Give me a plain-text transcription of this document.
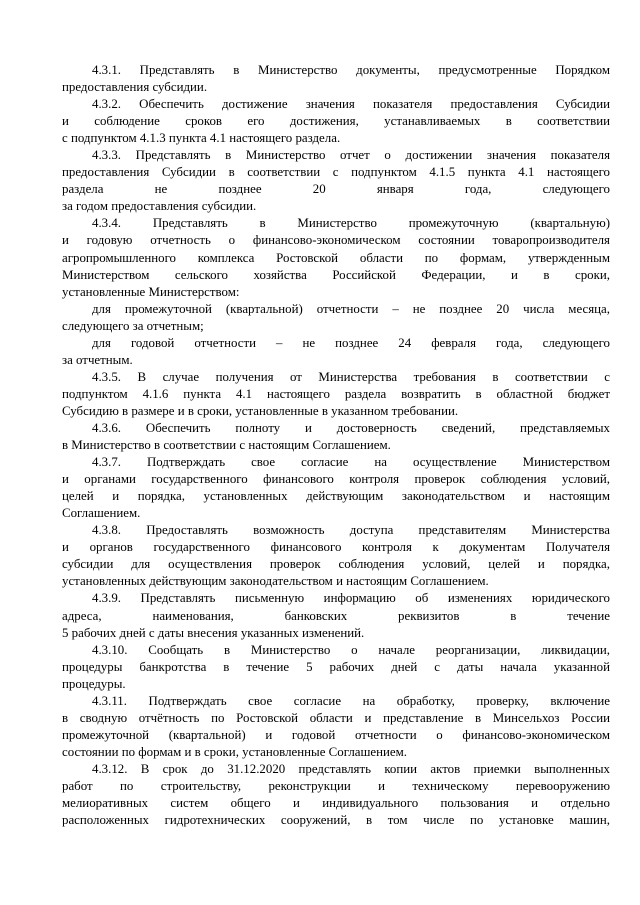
4.3.1. Представлять в Министерство документы, предусмотренные Порядком
предоставления субсидии.
4.3.2. Обеспечить достижение значения показателя предоставления Субсидии
и соблюдение сроков его достижения, устанавливаемых в соответствии
с подпунктом 4.1.3 пункта 4.1 настоящего раздела.
4.3.3. Представлять в Министерство отчет о достижении значения показателя
предоставления Субсидии в соответствии с подпунктом 4.1.5 пункта 4.1 настоящего
раздела не позднее 20 января года, следующего
за годом предоставления субсидии.
4.3.4. Представлять в Министерство промежуточную (квартальную)
и годовую отчетность о финансово-экономическом состоянии товаропроизводителя
агропромышленного комплекса Ростовской области по формам, утвержденным
Министерством сельского хозяйства Российской Федерации, и в сроки,
установленные Министерством:
для промежуточной (квартальной) отчетности – не позднее 20 числа месяца,
следующего за отчетным;
для годовой отчетности – не позднее 24 февраля года, следующего
за отчетным.
4.3.5. В случае получения от Министерства требования в соответствии с
подпунктом 4.1.6 пункта 4.1 настоящего раздела возвратить в областной бюджет
Субсидию в размере и в сроки, установленные в указанном требовании.
4.3.6. Обеспечить полноту и достоверность сведений, представляемых
в Министерство в соответствии с настоящим Соглашением.
4.3.7. Подтверждать свое согласие на осуществление Министерством
и органами государственного финансового контроля проверок соблюдения условий,
целей и порядка, установленных действующим законодательством и настоящим
Соглашением.
4.3.8. Предоставлять возможность доступа представителям Министерства
и органов государственного финансового контроля к документам Получателя
субсидии для осуществления проверок соблюдения условий, целей и порядка,
установленных действующим законодательством и настоящим Соглашением.
4.3.9. Представлять письменную информацию об изменениях юридического
адреса, наименования, банковских реквизитов в течение
5 рабочих дней с даты внесения указанных изменений.
4.3.10. Сообщать в Министерство о начале реорганизации, ликвидации,
процедуры банкротства в течение 5 рабочих дней с даты начала указанной
процедуры.
4.3.11. Подтверждать свое согласие на обработку, проверку, включение
в сводную отчётность по Ростовской области и представление в Минсельхоз России
промежуточной (квартальной) и годовой отчетности о финансово-экономическом
состоянии по формам и в сроки, установленные Соглашением.
4.3.12. В срок до 31.12.2020 представлять копии актов приемки выполненных
работ по строительству, реконструкции и техническому перевооружению
мелиоративных систем общего и индивидуального пользования и отдельно
расположенных гидротехнических сооружений, в том числе по установке машин,
